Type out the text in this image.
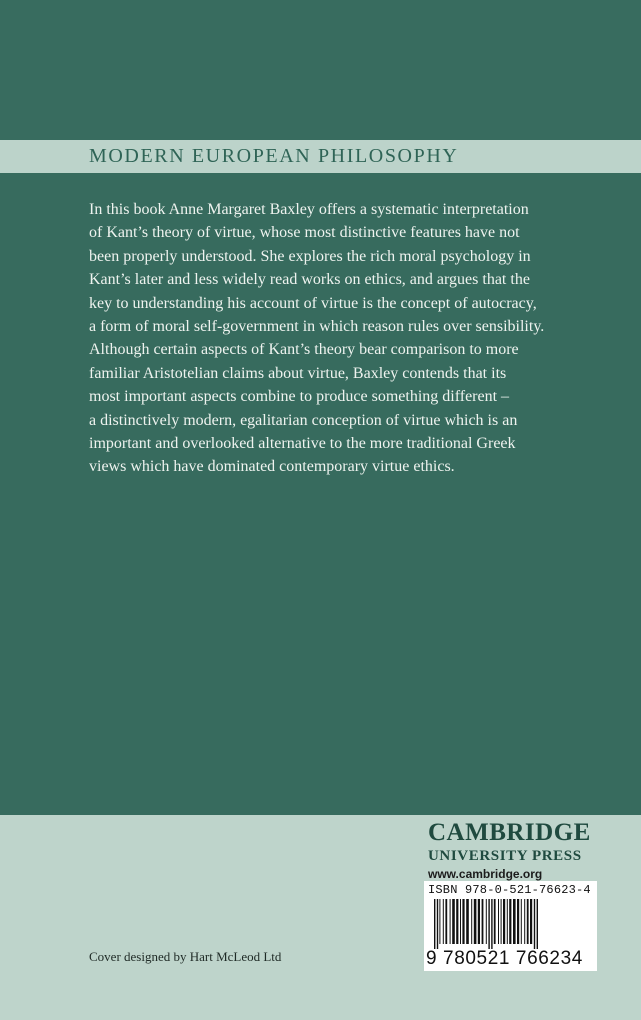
MODERN EUROPEAN PHILOSOPHY

In this book Anne Margaret Baxley offers a systematic interpretation

of Kant’s theory of virtue, whose most distinctive features have not

been properly understood. She explores the rich moral psychology in

Kant’s later and less widely read works on ethics, and argues that the

key to understanding his account of virtue is the concept of autocracy,

a form of moral self-government in which reason rules over sensibility.

Although certain aspects of Kant’s theory bear comparison to more

familiar Aristotelian claims about virtue, Baxley contends that its

most important aspects combine to produce something different –

a distinctively modern, egalitarian conception of virtue which is an

important and overlooked alternative to the more traditional Greek

views which have dominated contemporary virtue ethics.

Cover designed by Hart McLeod Ltd
CAMBRIDGE
UNIVERSITY PRESS
www.cambridge.org
ISBN 978-0-521-76623-4
9 780521 766234
